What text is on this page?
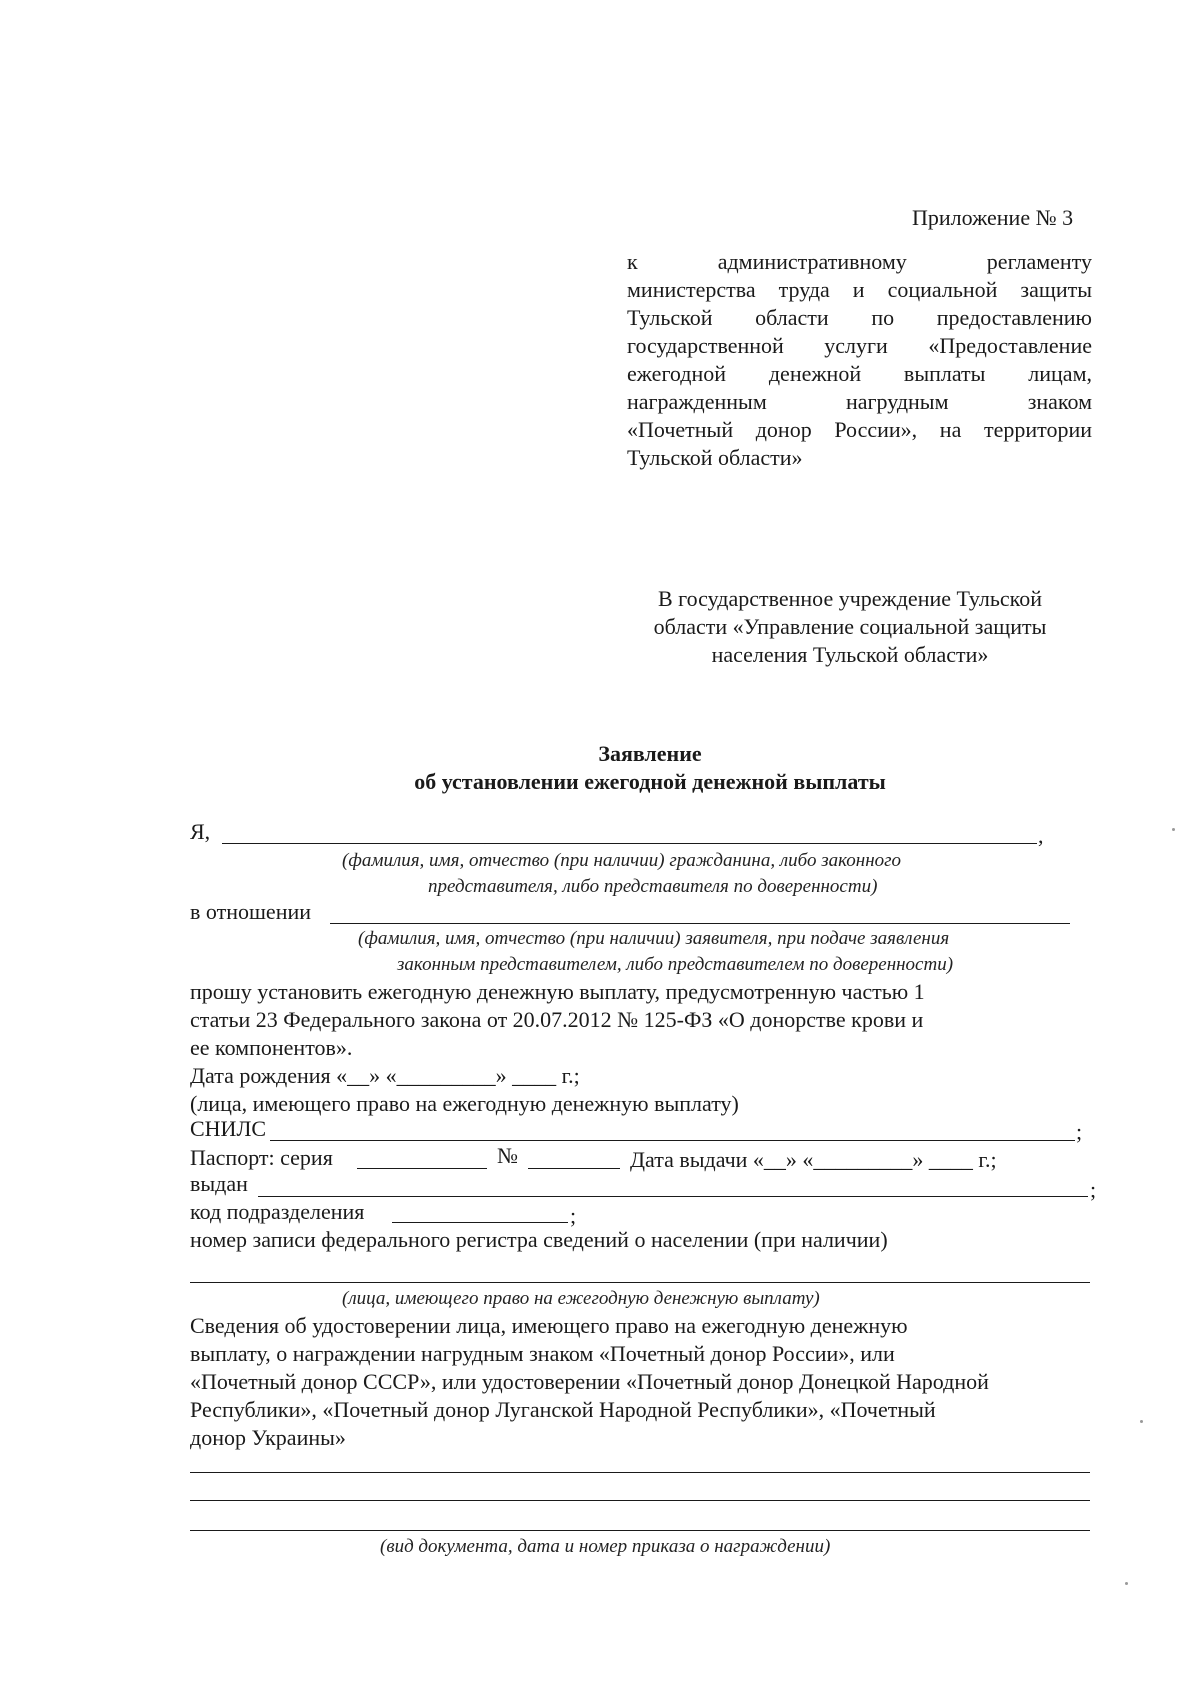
Приложение № 3
к административному регламенту
министерства труда и социальной защиты
Тульской области по предоставлению
государственной услуги «Предоставление
ежегодной денежной выплаты лицам,
награжденным нагрудным знаком
«Почетный донор России», на территории
Тульской области»
В государственное учреждение Тульской
области «Управление социальной защиты
населения Тульской области»
Заявление
об установлении ежегодной денежной выплаты
Я,	,
(фамилия, имя, отчество (при наличии) гражданина, либо законного
представителя, либо представителя по доверенности)
в отношении
(фамилия, имя, отчество (при наличии) заявителя, при подаче заявления
законным представителем, либо представителем по доверенности)
прошу установить ежегодную денежную выплату, предусмотренную частью 1
статьи 23 Федерального закона от 20.07.2012 № 125-ФЗ «О донорстве крови и
ее компонентов».
Дата рождения «__» «_________» ____ г.;
(лица, имеющего право на ежегодную денежную выплату)
СНИЛС	;
Паспорт: серия	№	Дата выдачи «__» «_________» ____ г.;
выдан	;
код подразделения	;
номер записи федерального регистра сведений о населении (при наличии)
(лица, имеющего право на ежегодную денежную выплату)
Сведения об удостоверении лица, имеющего право на ежегодную денежную
выплату, о награждении нагрудным знаком «Почетный донор России», или
«Почетный донор СССР», или удостоверении «Почетный донор Донецкой Народной
Республики», «Почетный донор Луганской Народной Республики», «Почетный
донор Украины»
(вид документа, дата и номер приказа о награждении)
